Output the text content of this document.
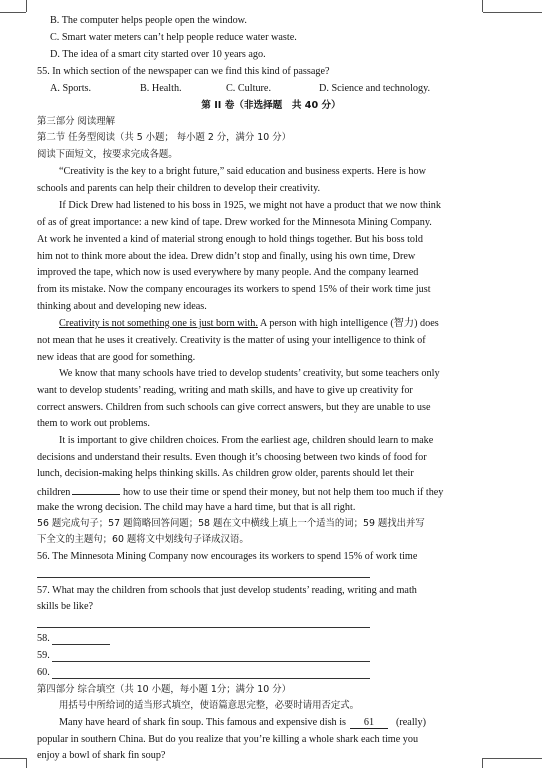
B. The computer helps people open the window.
C. Smart water meters can’t help people reduce water waste.
D. The idea of a smart city started over 10 years ago.
55. In which section of the newspaper can we find this kind of passage?
A. Sports.	B. Health.	C. Culture.	D. Science and technology.
第 II 卷（非选择题　共 40 分）
第三部分 阅读理解
第二节 任务型阅读（共 5 小题； 每小题 2 分，满分 10 分）
阅读下面短文，按要求完成各题。
“Creativity is the key to a bright future,” said education and business experts. Here is how
schools and parents can help their children to develop their creativity.
If Dick Drew had listened to his boss in 1925, we might not have a product that we now think
of as of great importance: a new kind of tape. Drew worked for the Minnesota Mining Company.
At work he invented a kind of material strong enough to hold things together. But his boss told
him not to think more about the idea. Drew didn’t stop and finally, using his own time, Drew
improved the tape, which now is used everywhere by many people. And the company learned
from its mistake. Now the company encourages its workers to spend 15% of their work time just
thinking about and developing new ideas.
Creativity is not something one is just born with. A person with high intelligence (智力) does
not mean that he uses it creatively. Creativity is the matter of using your intelligence to think of
new ideas that are good for something.
We know that many schools have tried to develop students’ creativity, but some teachers only
want to develop students’ reading, writing and math skills, and have to give up creativity for
correct answers. Children from such schools can give correct answers, but they are unable to use
them to work out problems.
It is important to give children choices. From the earliest age, children should learn to make
decisions and understand their results. Even though it’s choosing between two kinds of food for
lunch, decision-making helps thinking skills. As children grow older, parents should let their
children	how to use their time or spend their money, but not help them too much if they
make the wrong decision. The child may have a hard time, but that is all right.
56 题完成句子；57 题简略回答问题；58 题在文中横线上填上一个适当的词；59 题找出并写
下全文的主题句；60 题将文中划线句子译成汉语。
56. The Minnesota Mining Company now encourages its workers to spend 15% of work time
57. What may the children from schools that just develop students’ reading, writing and math
skills be like?
58.
59.
60.
第四部分 综合填空（共 10 小题，每小题 1分；满分 10 分）
用括号中所给词的适当形式填空，使语篇意思完整，必要时请用否定式。
Many have heard of shark fin soup. This famous and expensive dish is 61 (really)
popular in southern China. But do you realize that you’re killing a whole shark each time you
enjoy a bowl of shark fin soup?
